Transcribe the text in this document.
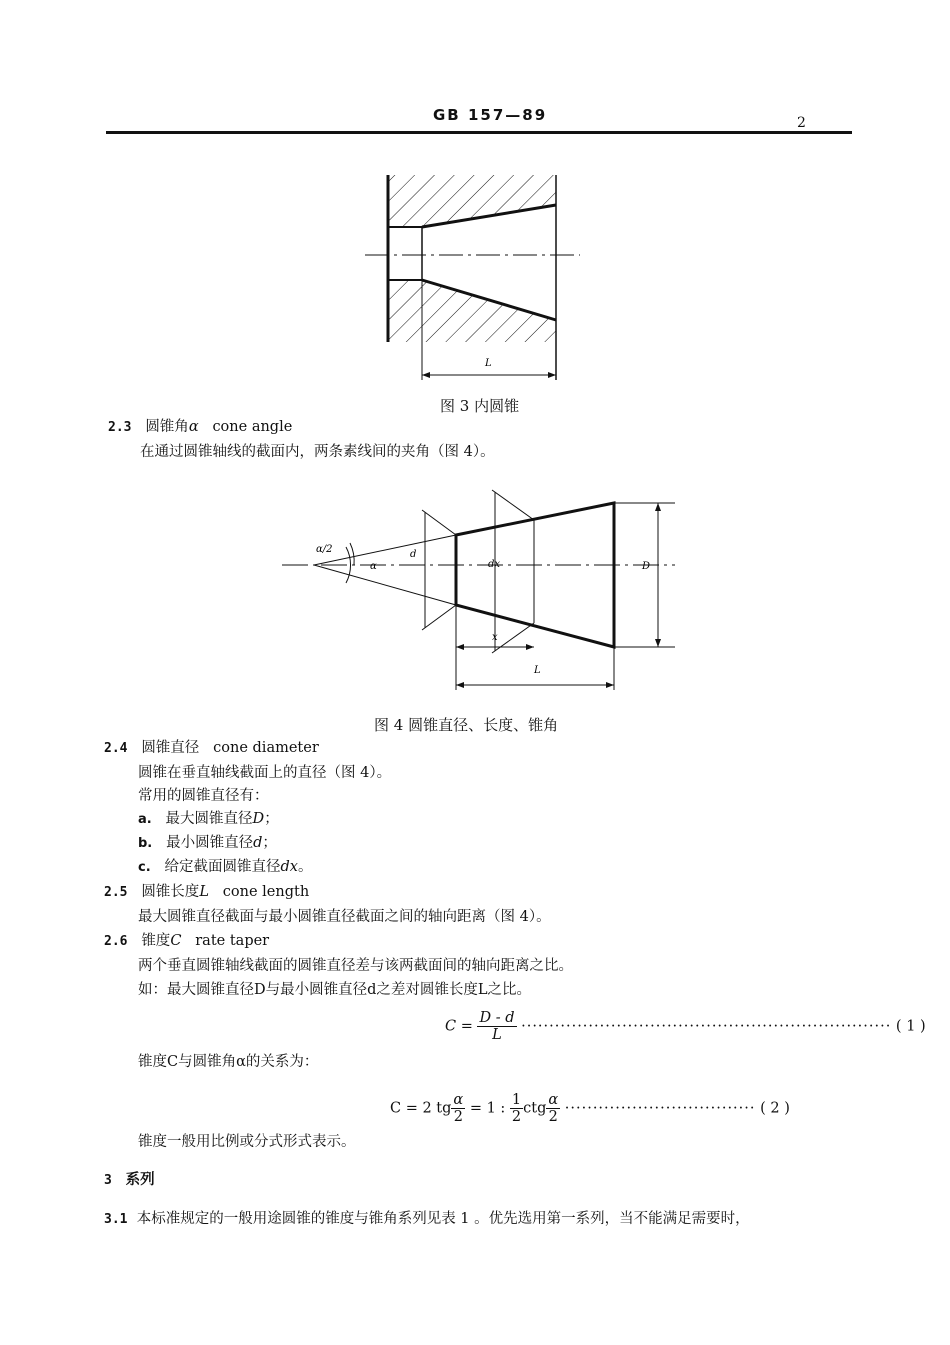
GB 157—89	2
L
图 3 内圆锥
2.3 圆锥角α cone angle
在通过圆锥轴线的截面内，两条素线间的夹角（图 4）。
α/2
α
d
dx	D
x
L
图 4 圆锥直径、长度、锥角
2.4 圆锥直径 cone diameter
圆锥在垂直轴线截面上的直径（图 4）。
常用的圆锥直径有：
a. 最大圆锥直径D；
b. 最小圆锥直径d；
c. 给定截面圆锥直径dx。
2.5 圆锥长度L cone length
最大圆锥直径截面与最小圆锥直径截面之间的轴向距离（图 4）。
2.6 锥度C rate taper
两个垂直圆锥轴线截面的圆锥直径差与该两截面间的轴向距离之比。
如：最大圆锥直径D与最小圆锥直径d之差对圆锥长度L之比。
$C = \frac{D - d}{L}$ ·································································· ( 1 )
锥度C与圆锥角α的关系为：
C = 2 tg $\frac{\alpha}{2} = 1$ : $\frac{1}{2}$ ctg $\frac{\alpha}{2}$ ·································· ( 2 )
锥度一般用比例或分式形式表示。
3 系列
3.1 本标准规定的一般用途圆锥的锥度与锥角系列见表 1 。优先选用第一系列，当不能满足需要时，
